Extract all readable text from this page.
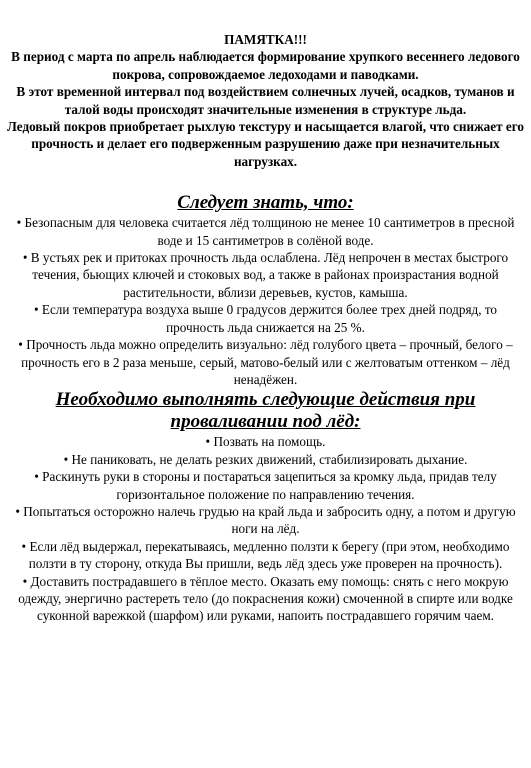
ПАМЯТКА!!!

В период с марта по апрель наблюдается формирование хрупкого весеннего ледового покрова, сопровождаемое ледоходами и паводками.

В этот временной интервал под воздействием солнечных лучей, осадков, туманов и талой воды происходят значительные изменения в структуре льда.

Ледовый покров приобретает рыхлую текстуру и насыщается влагой, что снижает его прочность и делает его подверженным разрушению даже при незначительных нагрузках.

Следует знать, что:

• Безопасным для человека считается лёд толщиною не менее 10 сантиметров в пресной воде и 15 сантиметров в солёной воде.

• В устьях рек и притоках прочность льда ослаблена. Лёд непрочен в местах быстрого течения, бьющих ключей и стоковых вод, а также в районах произрастания водной растительности, вблизи деревьев, кустов, камыша.

• Если температура воздуха выше 0 градусов держится более трех дней подряд, то прочность льда снижается на 25 %.

• Прочность льда можно определить визуально: лёд голубого цвета – прочный, белого – прочность его в 2 раза меньше, серый, матово-белый или с желтоватым оттенком – лёд ненадёжен.

Необходимо выполнять следующие действия при
проваливании под лёд:

• Позвать на помощь.

• Не паниковать, не делать резких движений, стабилизировать дыхание.

• Раскинуть руки в стороны и постараться зацепиться за кромку льда, придав телу горизонтальное положение по направлению течения.

• Попытаться осторожно налечь грудью на край льда и забросить одну, а потом и другую ноги на лёд.

• Если лёд выдержал, перекатываясь, медленно ползти к берегу (при этом, необходимо ползти в ту сторону, откуда Вы пришли, ведь лёд здесь уже проверен на прочность).

• Доставить пострадавшего в тёплое место. Оказать ему помощь: снять с него мокрую одежду, энергично растереть тело (до покраснения кожи) смоченной в спирте или водке суконной варежкой (шарфом) или руками, напоить пострадавшего горячим чаем.
